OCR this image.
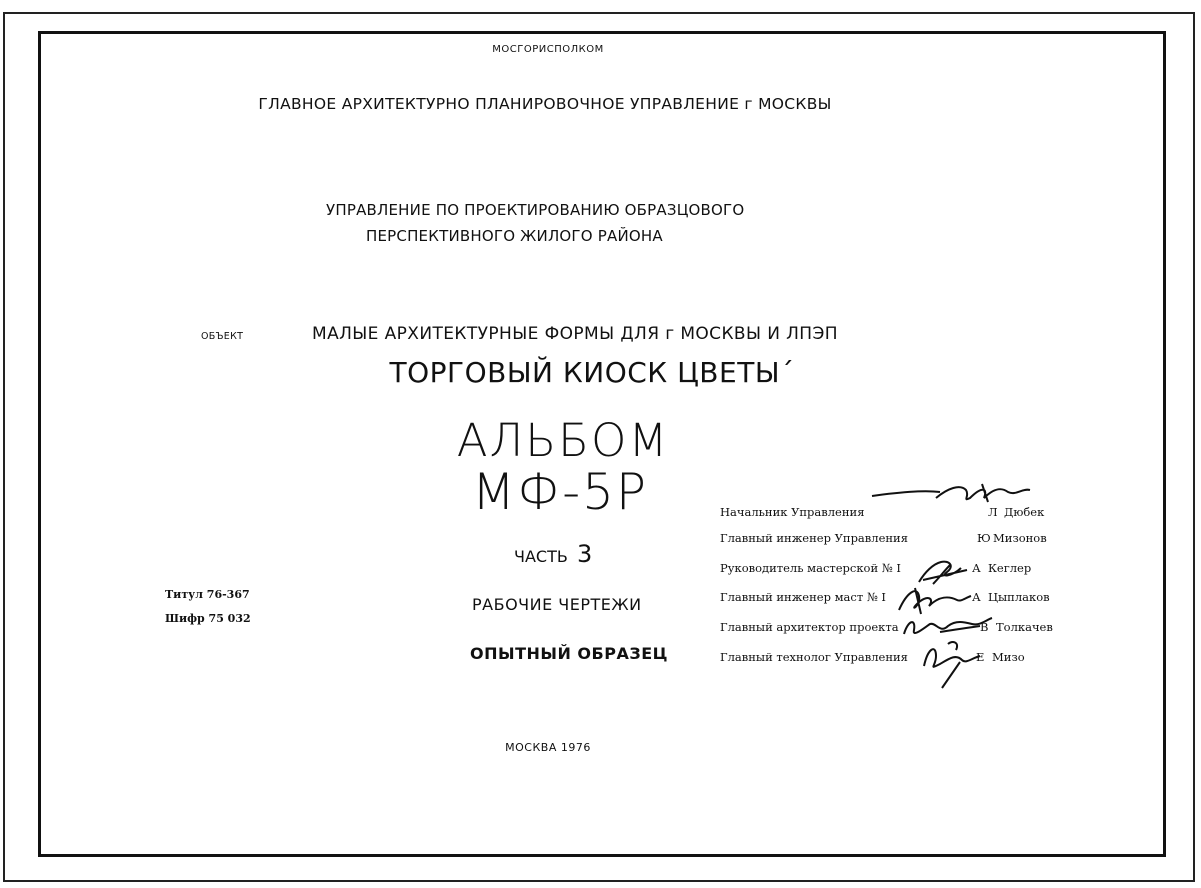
МОСГОРИСПОЛКОМ
ГЛАВНОЕ АРХИТЕКТУРНО ПЛАНИРОВОЧНОЕ УПРАВЛЕНИЕ г МОСКВЫ
УПРАВЛЕНИЕ ПО ПРОЕКТИРОВАНИЮ ОБРАЗЦОВОГО
ПЕРСПЕКТИВНОГО ЖИЛОГО РАЙОНА
ОБЪЕКТ	МАЛЫЕ АРХИТЕКТУРНЫЕ ФОРМЫ ДЛЯ г МОСКВЫ И ЛПЭП
ТОРГОВЫЙ КИОСК ЦВЕТЫ´
АЛЬБОМ
МФ-5Р
ЧАСТЬ 3
РАБОЧИЕ ЧЕРТЕЖИ
ОПЫТНЫЙ ОБРАЗЕЦ
Титул 76-367
Шифр 75 032
Начальник Управления	Л Дюбек
Главный инженер Управления	Ю Мизонов
Руководитель мастерской № I	А Кеглер
Главный инженер маст № I	А Цыплаков
Главный архитектор проекта	В Толкачев
Главный технолог Управления	Е Мизо
МОСКВА 1976
